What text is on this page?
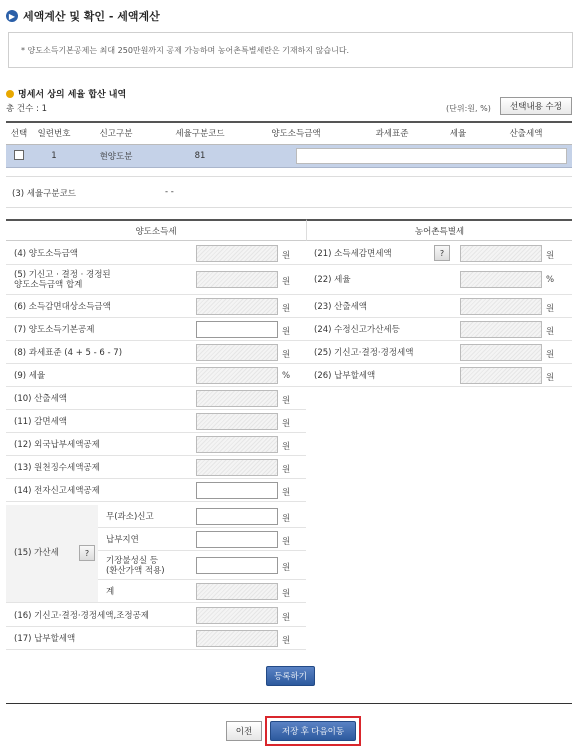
▶ 세액계산 및 확인 - 세액계산
* 양도소득기본공제는 최대 250만원까지 공제 가능하며 농어촌특별세란은 기재하지 않습니다.
명세서 상의 세율 합산 내역
총 건수 : 1	(단위:원, %)	선택내용 수정
선택	일련번호	신고구분	세율구분코드	양도소득금액	과세표준	세율	산출세액
	1	현양도분	81				
(3) 세율구분코드	- -
양도소득세	농어촌특별세
(4) 양도소득금액	원
(5) 기신고 · 결정 · 경정된
양도소득금액 합계	원
(6) 소득감면대상소득금액	원
(7) 양도소득기본공제	원
(8) 과세표준 (4 + 5 - 6 - 7)	원
(9) 세율	%
(10) 산출세액	원
(11) 감면세액	원
(12) 외국납부세액공제	원
(13) 원천징수세액공제	원
(14) 전자신고세액공제	원
(15) 가산세	?
무(과소)신고	원
납부지연	원
기장불성실 등
(환산가액 적용)	원
계	원
(16) 기신고·결정·경정세액,조정공제	원
(17) 납부할세액	원
(21) 소득세감면세액	?	원
(22) 세율	%
(23) 산출세액	원
(24) 수정신고가산세등	원
(25) 기신고·결정·경정세액	원
(26) 납부할세액	원
등록하기
이전	저장 후 다음이동
